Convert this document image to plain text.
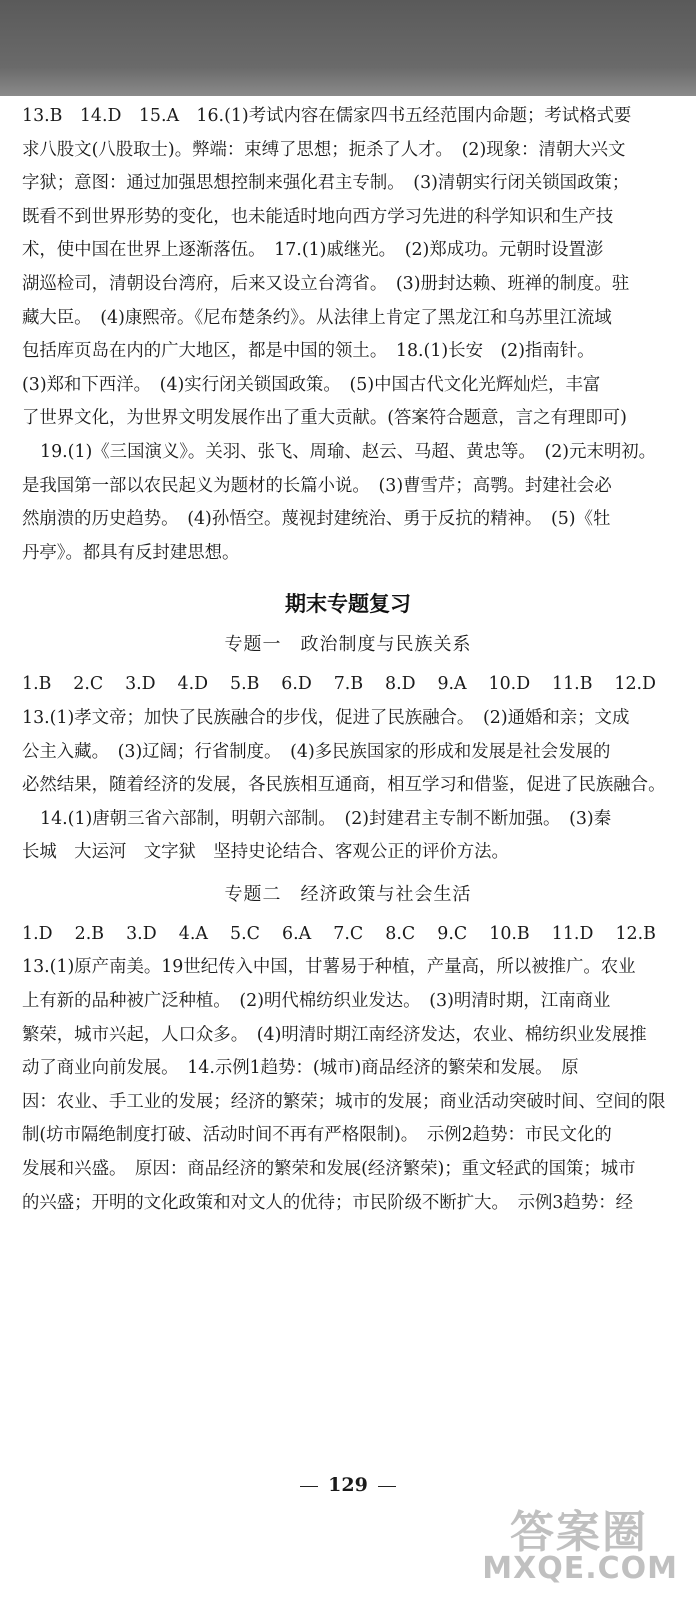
13.B　14.D　15.A　16.(1)考试内容在儒家四书五经范围内命题；考试格式要
求八股文(八股取士)。弊端：束缚了思想；扼杀了人才。　(2)现象：清朝大兴文
字狱；意图：通过加强思想控制来强化君主专制。　(3)清朝实行闭关锁国政策；
既看不到世界形势的变化，也未能适时地向西方学习先进的科学知识和生产技
术，使中国在世界上逐渐落伍。　17.(1)戚继光。　(2)郑成功。元朝时设置澎
湖巡检司，清朝设台湾府，后来又设立台湾省。　(3)册封达赖、班禅的制度。驻
藏大臣。　(4)康熙帝。《尼布楚条约》。从法律上肯定了黑龙江和乌苏里江流域
包括库页岛在内的广大地区，都是中国的领土。　18.(1)长安　(2)指南针。
(3)郑和下西洋。　(4)实行闭关锁国政策。　(5)中国古代文化光辉灿烂，丰富
了世界文化，为世界文明发展作出了重大贡献。(答案符合题意，言之有理即可)
19.(1)《三国演义》。关羽、张飞、周瑜、赵云、马超、黄忠等。　(2)元末明初。
是我国第一部以农民起义为题材的长篇小说。　(3)曹雪芹；高鹗。封建社会必
然崩溃的历史趋势。　(4)孙悟空。蔑视封建统治、勇于反抗的精神。　(5)《牡
丹亭》。都具有反封建思想。
期末专题复习
专题一　政治制度与民族关系
1.B 2.C 3.D 4.D 5.B 6.D 7.B 8.D 9.A 10.D 11.B 12.D
13.(1)孝文帝；加快了民族融合的步伐，促进了民族融合。　(2)通婚和亲；文成
公主入藏。　(3)辽阔；行省制度。　(4)多民族国家的形成和发展是社会发展的
必然结果，随着经济的发展，各民族相互通商，相互学习和借鉴，促进了民族融合。
14.(1)唐朝三省六部制，明朝六部制。　(2)封建君主专制不断加强。　(3)秦
长城　大运河　文字狱　坚持史论结合、客观公正的评价方法。
专题二　经济政策与社会生活
1.D 2.B 3.D 4.A 5.C 6.A 7.C 8.C 9.C 10.B 11.D 12.B
13.(1)原产南美。19世纪传入中国，甘薯易于种植，产量高，所以被推广。农业
上有新的品种被广泛种植。　(2)明代棉纺织业发达。　(3)明清时期，江南商业
繁荣，城市兴起，人口众多。　(4)明清时期江南经济发达，农业、棉纺织业发展推
动了商业向前发展。　14.示例1趋势：(城市)商品经济的繁荣和发展。　原
因：农业、手工业的发展；经济的繁荣；城市的发展；商业活动突破时间、空间的限
制(坊市隔绝制度打破、活动时间不再有严格限制)。　示例2趋势：市民文化的
发展和兴盛。　原因：商品经济的繁荣和发展(经济繁荣)；重文轻武的国策；城市
的兴盛；开明的文化政策和对文人的优待；市民阶级不断扩大。　示例3趋势：经
129
答案圈
MXQE.COM
